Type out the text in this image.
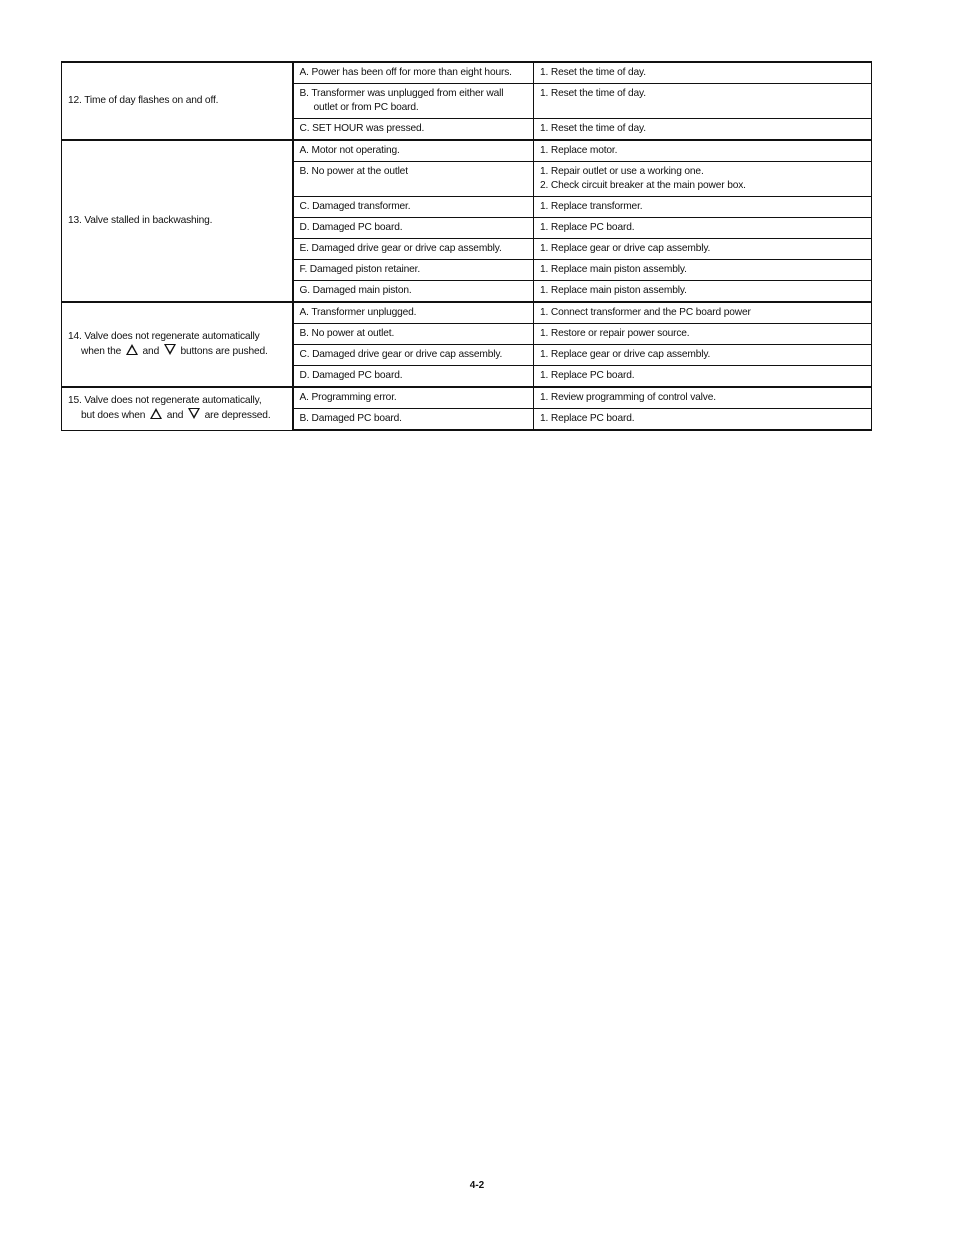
12. Time of day flashes on and off.	A. Power has been off for more than eight hours.	1. Reset the time of day.

	B. Transformer was unplugged from either wall outlet or from PC board.	1. Reset the time of day.

	C. SET HOUR was pressed.	1. Reset the time of day.

13. Valve stalled in backwashing.	A. Motor not operating.	1. Replace motor.

	B. No power at the outlet	1. Repair outlet or use a working one.
2. Check circuit breaker at the main power box.

	C. Damaged transformer.	1. Replace transformer.

	D. Damaged PC board.	1. Replace PC board.

	E. Damaged drive gear or drive cap assembly.	1. Replace gear or drive cap assembly.

	F. Damaged piston retainer.	1. Replace main piston assembly.

	G. Damaged main piston.	1. Replace main piston assembly.

14. Valve does not regenerate automatically
when the and buttons are pushed.	A. Transformer unplugged.	1. Connect transformer and the PC board power

	B. No power at outlet.	1. Restore or repair power source.

	C. Damaged drive gear or drive cap assembly.	1. Replace gear or drive cap assembly.

	D. Damaged PC board.	1. Replace PC board.

15. Valve does not regenerate automatically,
but does when and are depressed.	A. Programming error.	1. Review programming of control valve.

	B. Damaged PC board.	1. Replace PC board.
4-2
